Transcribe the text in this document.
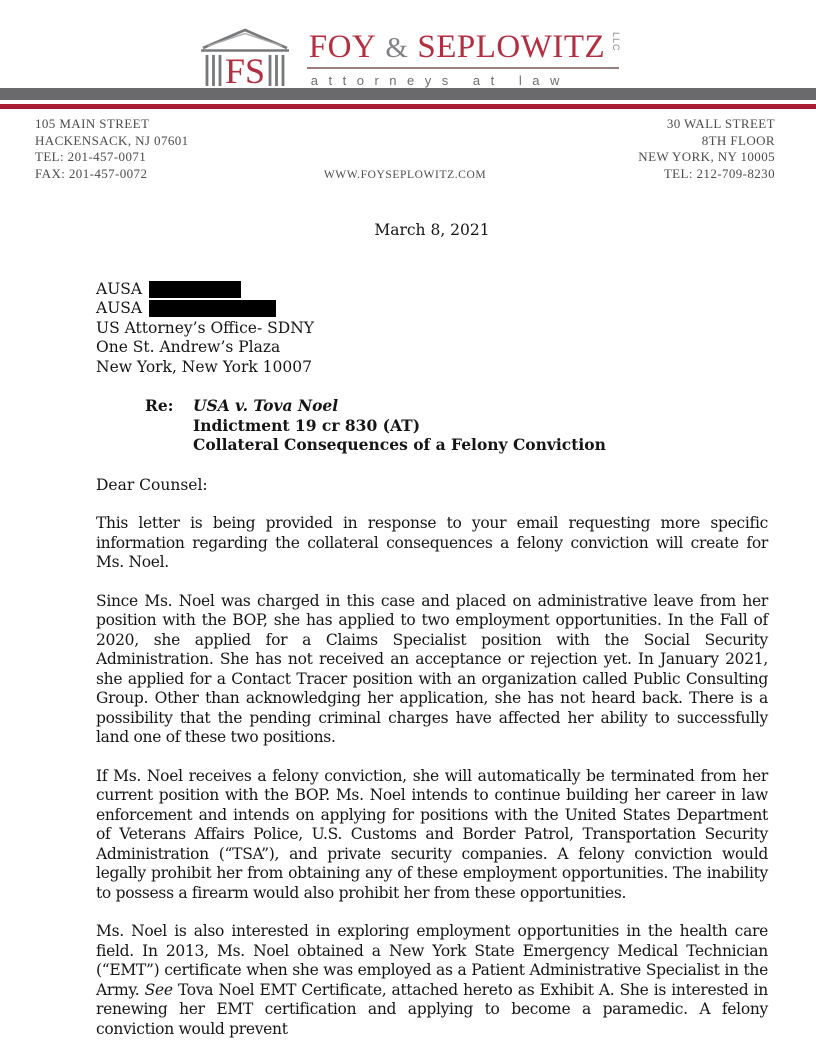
FS
FOY & SEPLOWITZ LLC
attorneys at law
105 MAIN STREET
HACKENSACK, NJ 07601
TEL: 201-457-0071
FAX: 201-457-0072	WWW.FOYSEPLOWITZ.COM
30 WALL STREET
8TH FLOOR
NEW YORK, NY 10005
TEL: 212-709-8230
March 8, 2021
AUSA
AUSA
US Attorney’s Office- SDNY
One St. Andrew’s Plaza
New York, New York 10007
Re:	USA v. Tova Noel
Indictment 19 cr 830 (AT)
Collateral Consequences of a Felony Conviction

Dear Counsel:

This letter is being provided in response to your email requesting more specific information regarding the collateral consequences a felony conviction will create for Ms. Noel.

Since Ms. Noel was charged in this case and placed on administrative leave from her position with the BOP, she has applied to two employment opportunities. In the Fall of 2020, she applied for a Claims Specialist position with the Social Security Administration. She has not received an acceptance or rejection yet. In January 2021, she applied for a Contact Tracer position with an organization called Public Consulting Group. Other than acknowledging her application, she has not heard back. There is a possibility that the pending criminal charges have affected her ability to successfully land one of these two positions.

If Ms. Noel receives a felony conviction, she will automatically be terminated from her current position with the BOP. Ms. Noel intends to continue building her career in law enforcement and intends on applying for positions with the United States Department of Veterans Affairs Police, U.S. Customs and Border Patrol, Transportation Security Administration (“TSA”), and private security companies. A felony conviction would legally prohibit her from obtaining any of these employment opportunities. The inability to possess a firearm would also prohibit her from these opportunities.

Ms. Noel is also interested in exploring employment opportunities in the health care field. In 2013, Ms. Noel obtained a New York State Emergency Medical Technician (“EMT”) certificate when she was employed as a Patient Administrative Specialist in the Army. See Tova Noel EMT Certificate, attached hereto as Exhibit A. She is interested in renewing her EMT certification and applying to become a paramedic. A felony conviction would prevent
